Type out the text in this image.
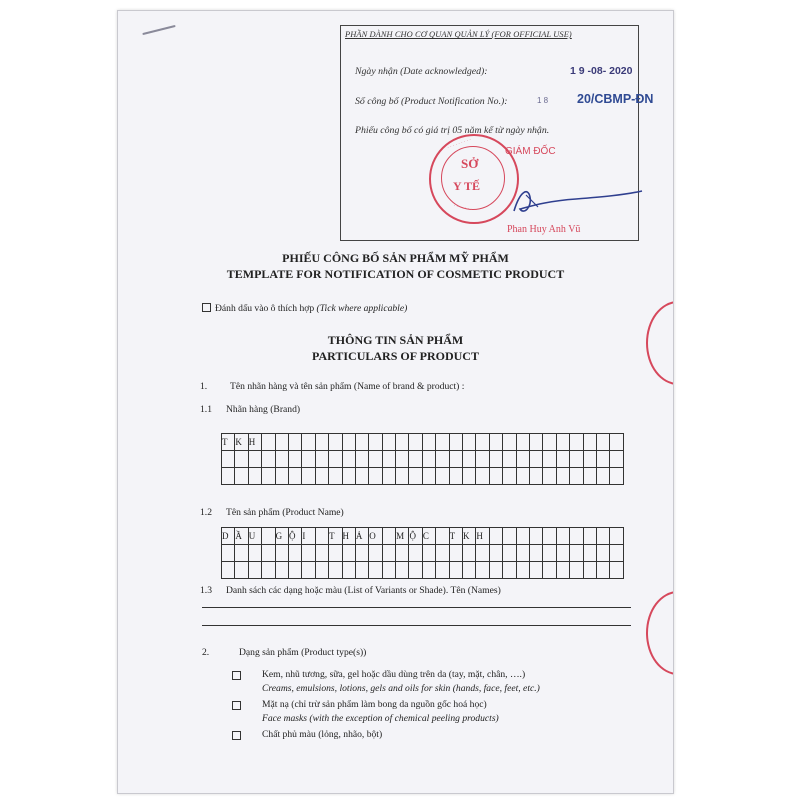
PHẦN DÀNH CHO CƠ QUAN QUẢN LÝ (FOR OFFICIAL USE)
Ngày nhận (Date acknowledged):	1 9 -08- 2020
Số công bố (Product Notification No.):	1 8 20/CBMP-ĐN
Phiếu công bố có giá trị 05 năm kể từ ngày nhận.
· · · · · · · · ·
· · · · · · ·
SỞ
Y TẾ
GIÁM ĐỐC
Phan Huy Anh Vũ
PHIẾU CÔNG BỐ SẢN PHẨM MỸ PHẨM
TEMPLATE FOR NOTIFICATION OF COSMETIC PRODUCT
Đánh dấu vào ô thích hợp (Tick where applicable)
THÔNG TIN SẢN PHẨM
PARTICULARS OF PRODUCT
1. Tên nhãn hàng và tên sản phẩm (Name of brand & product) :
1.1 Nhãn hàng (Brand)
T	K	H																											

1.2 Tên sản phẩm (Product Name)
D	Ầ	U		G	Ộ	I		T	H	Ả	O		M	Ộ	C		T	K	H										

1.3 Danh sách các dạng hoặc màu (List of Variants or Shade). Tên (Names)
2.	Dạng sản phẩm (Product type(s))
Kem, nhũ tương, sữa, gel hoặc dầu dùng trên da (tay, mặt, chân, ….)
Creams, emulsions, lotions, gels and oils for skin (hands, face, feet, etc.)
Mặt nạ (chỉ trừ sản phẩm làm bong da nguồn gốc hoá học)
Face masks (with the exception of chemical peeling products)
Chất phủ màu (lỏng, nhão, bột)
